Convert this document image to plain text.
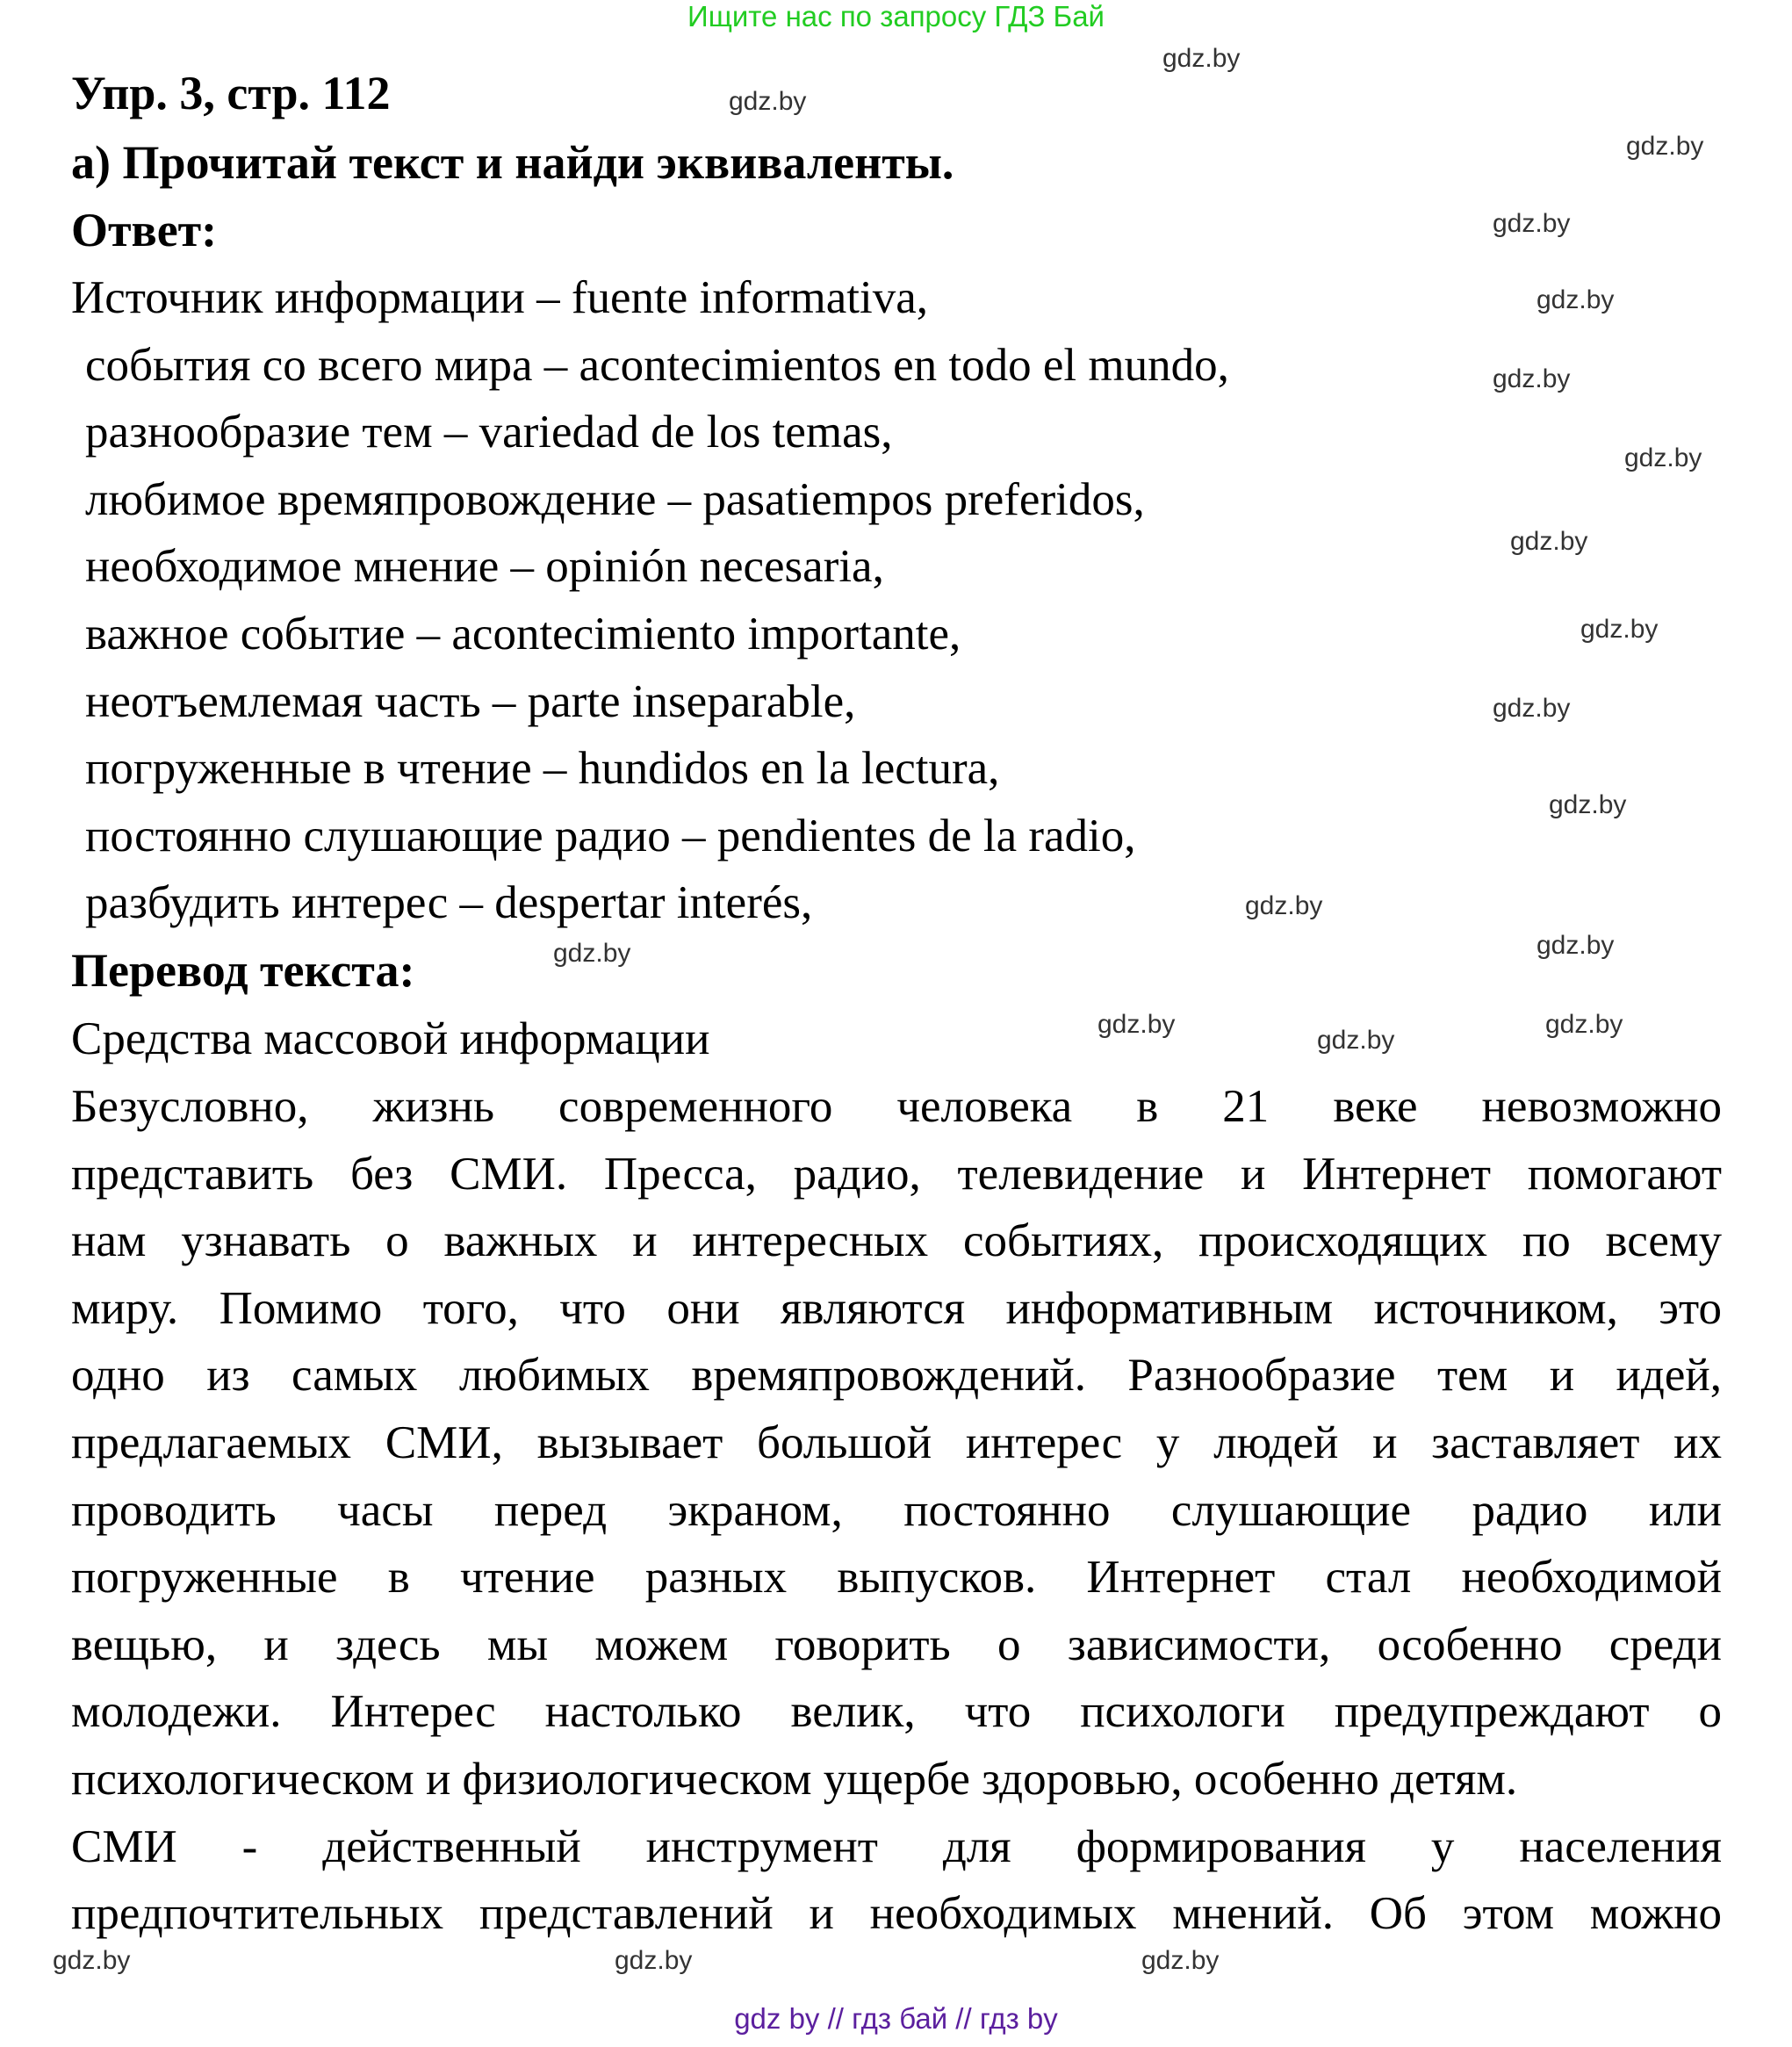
Ищите нас по запросу ГДЗ Бай
Упр. 3, стр. 112
а) Прочитай текст и найди эквиваленты.
Ответ:
Источник информации – fuente informativa,
события со всего мира – acontecimientos en todo el mundo,
разнообразие тем – variedad de los temas,
любимое времяпровождение – pasatiempos preferidos,
необходимое мнение – opinión necesaria,
важное событие – acontecimiento importante,
неотъемлемая часть – parte inseparable,
погруженные в чтение – hundidos en la lectura,
постоянно слушающие радио – pendientes de la radio,
разбудить интерес – despertar interés,
Перевод текста:
Средства массовой информации
Безусловно, жизнь современного человека в 21 веке невозможно
представить без СМИ. Пресса, радио, телевидение и Интернет помогают
нам узнавать о важных и интересных событиях, происходящих по всему
миру. Помимо того, что они являются информативным источником, это
одно из самых любимых времяпровождений. Разнообразие тем и идей,
предлагаемых СМИ, вызывает большой интерес у людей и заставляет их
проводить часы перед экраном, постоянно слушающие радио или
погруженные в чтение разных выпусков. Интернет стал необходимой
вещью, и здесь мы можем говорить о зависимости, особенно среди
молодежи. Интерес настолько велик, что психологи предупреждают о
психологическом и физиологическом ущербе здоровью, особенно детям.
СМИ - действенный инструмент для формирования у населения
предпочтительных представлений и необходимых мнений. Об этом можно
gdz.by
gdz.by
gdz.by
gdz.by
gdz.by
gdz.by
gdz.by
gdz.by
gdz.by
gdz.by
gdz.by
gdz.by
gdz.by
gdz.by
gdz.by
gdz.by
gdz.by
gdz.by	gdz.by	gdz.by
gdz by // гдз бай // гдз by
